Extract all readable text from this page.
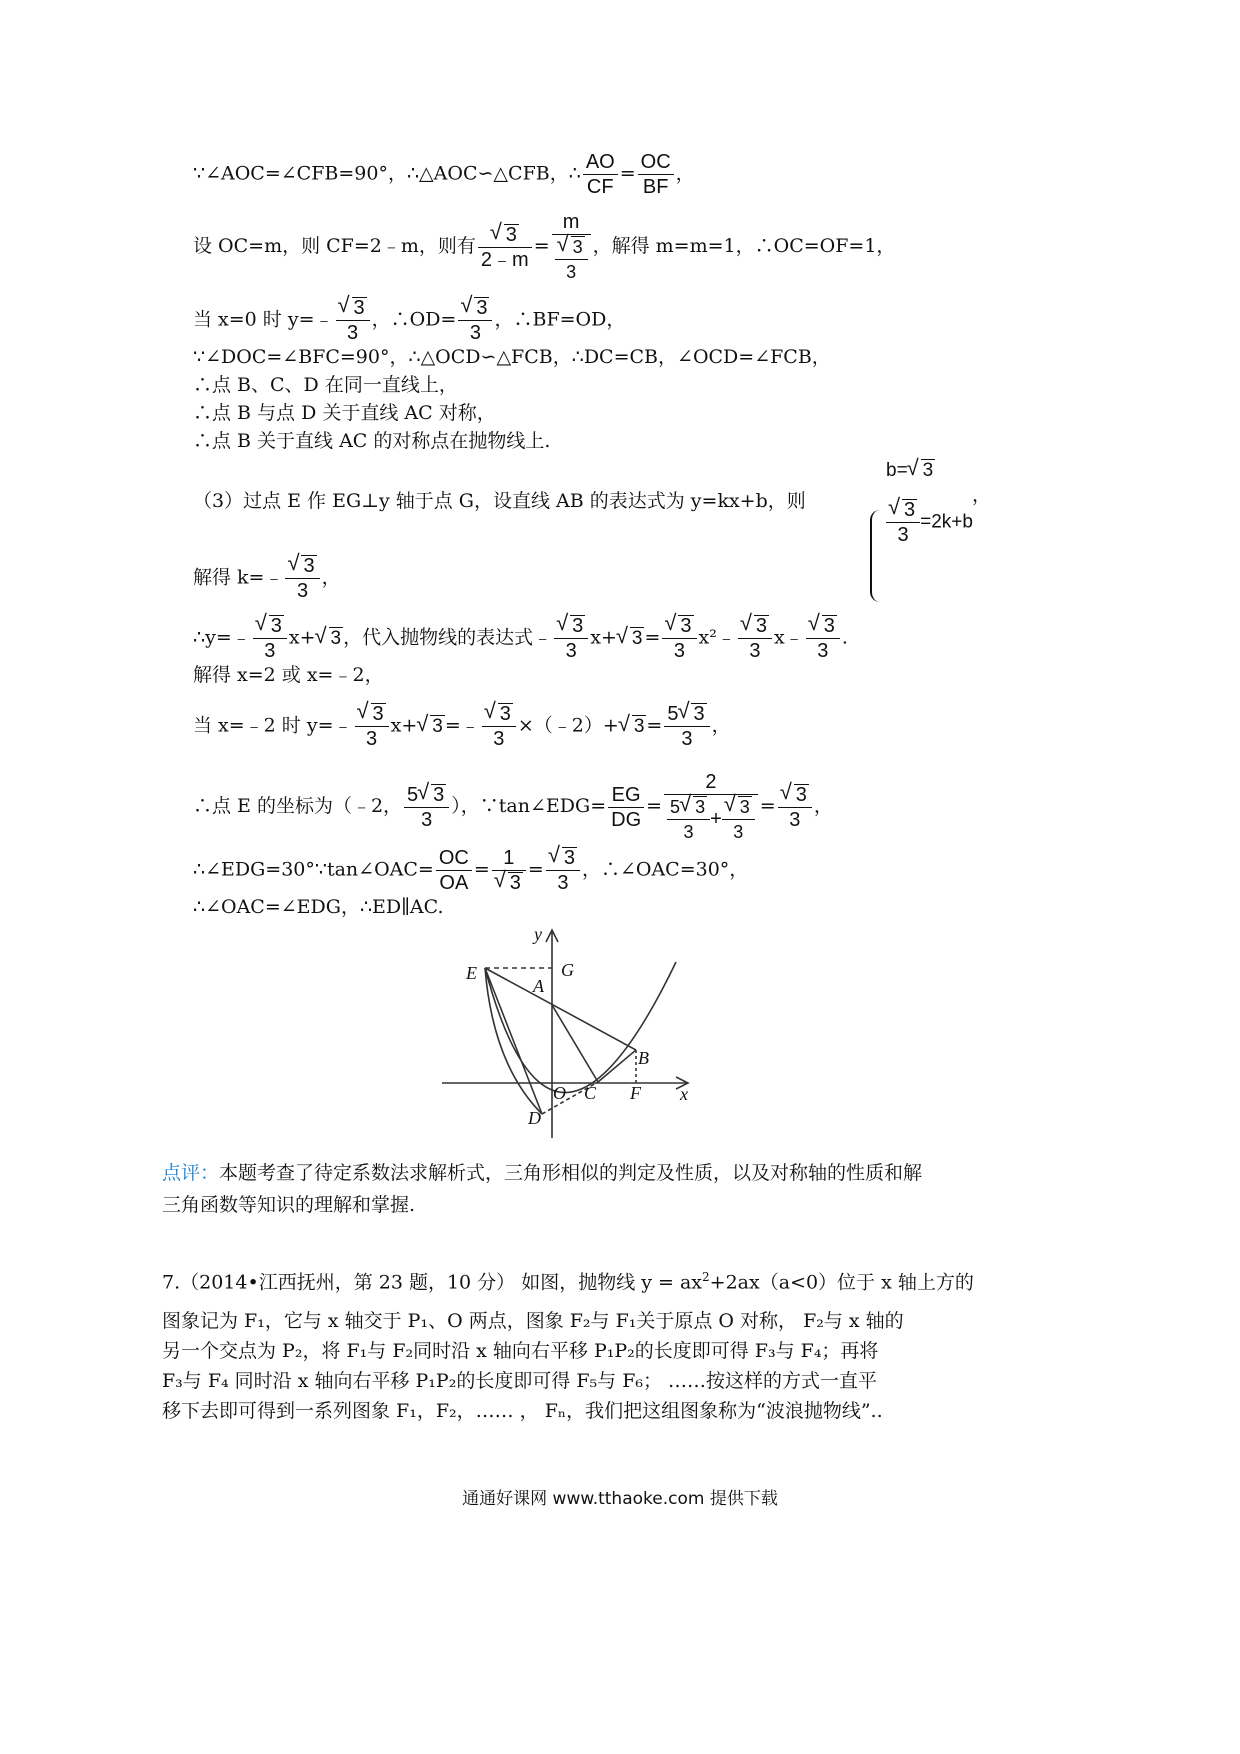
∵∠AOC=∠CFB=90°，∴△AOC∽△CFB，∴ $\frac{AO}{CF} = \frac{OC}{BF}$ ，
设 OC=m，则 CF=2﹣m，则有
√ $\frac{3}{2﹣m} = m$
√ $\frac{3}{3}$ ，解得 m=m=1，∴OC=OF=1，
当 x=0 时 y=﹣
√ $\frac{3}{3}$ ，∴OD=
√ $\frac{3}{3}$ ，∴BF=OD，
∵∠DOC=∠BFC=90°，∴△OCD∽△FCB，∴DC=CB，∠OCD=∠FCB，
∴点 B、C、D 在同一直线上，
∴点 B 与点 D 关于直线 AC 对称，
∴点 B 关于直线 AC 的对称点在抛物线上.
（3）过点 E 作 EG⊥y 轴于点 G，设直线 AB 的表达式为 y=kx+b，则
b=√ 3
√ $\frac{3}{3} =2k+b$
，
解得 k=﹣
√ $\frac{3}{3}$ ，
∴y=﹣
√ $\frac{3}{3} x+√$ 3 ，代入抛物线的表达式﹣
√ $\frac{3}{3} x+√$ 3 =
√ $\frac{3}{3}$ x²﹣
√ $\frac{3}{3}$ x﹣
√ $\frac{3}{3}$ .
解得 x=2 或 x=﹣2，
当 x=﹣2 时 y=﹣
√ $\frac{3}{3} x+√$ 3 =﹣
√ $\frac{3}{3}$ ×（﹣2）+√ $3 = \frac{5√ 3}{3}$ ，
∴点 E 的坐标为（﹣2， $\frac{5√ 3}{3}$ ），∵tan∠EDG= $\frac{EG}{DG} = 2$
$\frac{5√ 3}{3}$ +
√ $\frac{3}{3}$ =
√ $\frac{3}{3}$ ，
∴∠EDG=30°∵tan∠OAC= $\frac{OC}{OA} = 1$
√ 3 =
√ $\frac{3}{3}$ ，∴∠OAC=30°，
∴∠OAC=∠EDG，∴ED∥AC.
y
x
E	G
A
B
O C F
D
点评：本题考查了待定系数法求解析式，三角形相似的判定及性质，以及对称轴的性质和解
三角函数等知识的理解和掌握.
7.（2014•江西抚州，第 23 题，10 分） 如图，抛物线 $y = ax^2+2ax(a<0)$位于 x 轴上方的
图象记为 F₁，它与 x 轴交于 P₁、O 两点，图象 F₂与 F₁关于原点 O 对称， F₂与 x 轴的
另一个交点为 P₂，将 F₁与 F₂同时沿 x 轴向右平移 P₁P₂的长度即可得 F₃与 F₄；再将
F₃与 F₄ 同时沿 x 轴向右平移 P₁P₂的长度即可得 F₅与 F₆； ……按这样的方式一直平
移下去即可得到一系列图象 F₁，F₂，…… ， Fₙ，我们把这组图象称为“波浪抛物线”..
通通好课网 www.tthaoke.com 提供下载
